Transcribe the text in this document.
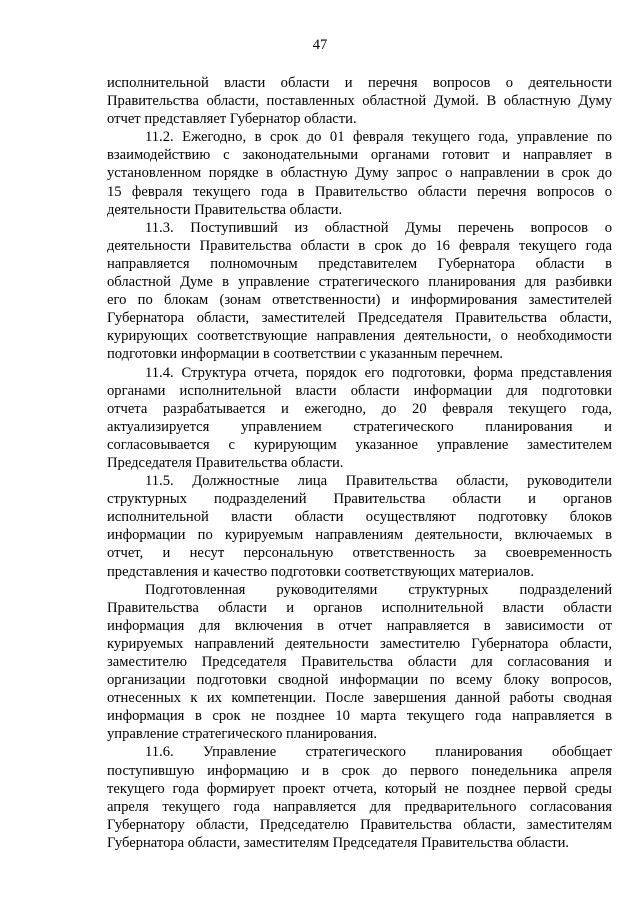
47
исполнительной власти области и перечня вопросов о деятельности
Правительства области, поставленных областной Думой. В областную Думу
отчет представляет Губернатор области.
11.2. Ежегодно, в срок до 01 февраля текущего года, управление по
взаимодействию с законодательными органами готовит и направляет в
установленном порядке в областную Думу запрос о направлении в срок до
15 февраля текущего года в Правительство области перечня вопросов о
деятельности Правительства области.
11.3. Поступивший из областной Думы перечень вопросов о
деятельности Правительства области в срок до 16 февраля текущего года
направляется полномочным представителем Губернатора области в
областной Думе в управление стратегического планирования для разбивки
его по блокам (зонам ответственности) и информирования заместителей
Губернатора области, заместителей Председателя Правительства области,
курирующих соответствующие направления деятельности, о необходимости
подготовки информации в соответствии с указанным перечнем.
11.4. Структура отчета, порядок его подготовки, форма представления
органами исполнительной власти области информации для подготовки
отчета разрабатывается и ежегодно, до 20 февраля текущего года,
актуализируется управлением стратегического планирования и
согласовывается с курирующим указанное управление заместителем
Председателя Правительства области.
11.5. Должностные лица Правительства области, руководители
структурных подразделений Правительства области и органов
исполнительной власти области осуществляют подготовку блоков
информации по курируемым направлениям деятельности, включаемых в
отчет, и несут персональную ответственность за своевременность
представления и качество подготовки соответствующих материалов.
Подготовленная руководителями структурных подразделений
Правительства области и органов исполнительной власти области
информация для включения в отчет направляется в зависимости от
курируемых направлений деятельности заместителю Губернатора области,
заместителю Председателя Правительства области для согласования и
организации подготовки сводной информации по всему блоку вопросов,
отнесенных к их компетенции. После завершения данной работы сводная
информация в срок не позднее 10 марта текущего года направляется в
управление стратегического планирования.
11.6. Управление стратегического планирования обобщает
поступившую информацию и в срок до первого понедельника апреля
текущего года формирует проект отчета, который не позднее первой среды
апреля текущего года направляется для предварительного согласования
Губернатору области, Председателю Правительства области, заместителям
Губернатора области, заместителям Председателя Правительства области.
